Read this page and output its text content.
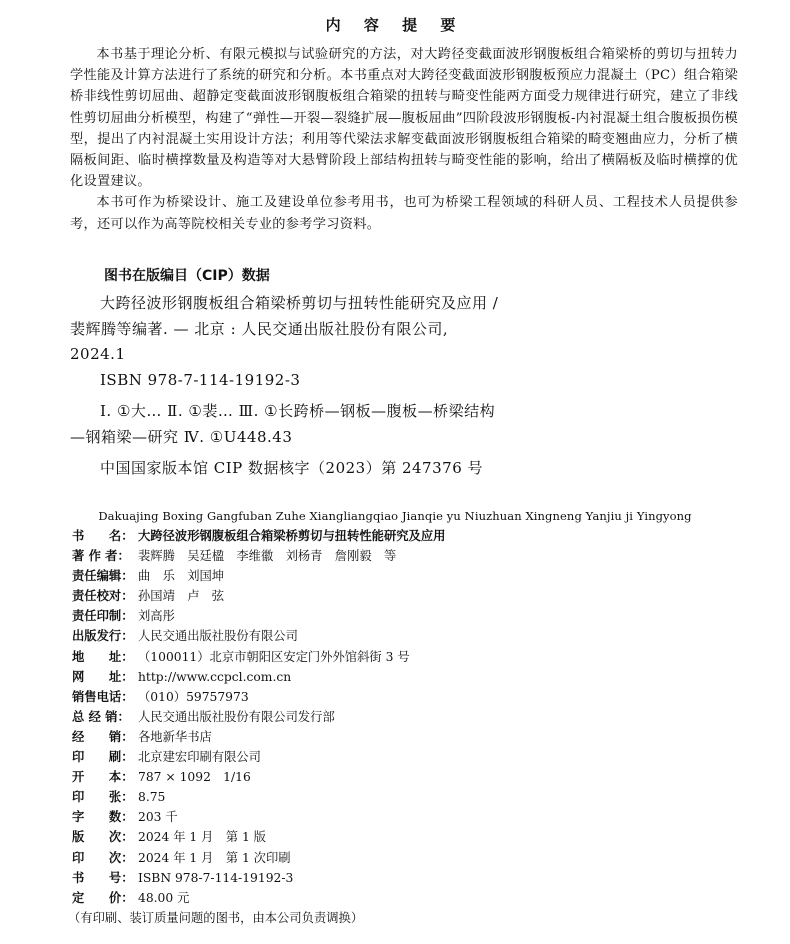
内 容 提 要

本书基于理论分析、有限元模拟与试验研究的方法，对大跨径变截面波形钢腹板组合箱梁桥的剪切与扭转力学性能及计算方法进行了系统的研究和分析。本书重点对大跨径变截面波形钢腹板预应力混凝土（PC）组合箱梁桥非线性剪切屈曲、超静定变截面波形钢腹板组合箱梁的扭转与畸变性能两方面受力规律进行研究，建立了非线性剪切屈曲分析模型，构建了“弹性—开裂—裂缝扩展—腹板屈曲”四阶段波形钢腹板-内衬混凝土组合腹板损伤模型，提出了内衬混凝土实用设计方法；利用等代梁法求解变截面波形钢腹板组合箱梁的畸变翘曲应力，分析了横隔板间距、临时横撑数量及构造等对大悬臂阶段上部结构扭转与畸变性能的影响，给出了横隔板及临时横撑的优化设置建议。

本书可作为桥梁设计、施工及建设单位参考用书，也可为桥梁工程领域的科研人员、工程技术人员提供参考，还可以作为高等院校相关专业的参考学习资料。

图书在版编目（CIP）数据

大跨径波形钢腹板组合箱梁桥剪切与扭转性能研究及应用 / 裴辉腾等编著. — 北京 : 人民交通出版社股份有限公司, 2024.1

ISBN 978-7-114-19192-3

Ⅰ. ①大… Ⅱ. ①裴… Ⅲ. ①长跨桥—钢板—腹板—桥梁结构—钢箱梁—研究 Ⅳ. ①U448.43

中国国家版本馆 CIP 数据核字（2023）第 247376 号

Dakuajing Boxing Gangfuban Zuhe Xiangliangqiao Jianqie yu Niuzhuan Xingneng Yanjiu ji Yingyong
书　　名： 大跨径波形钢腹板组合箱梁桥剪切与扭转性能研究及应用
著 作 者： 裴辉腾　吴廷楹　李维徽　刘杨青　詹刚毅　等
责任编辑： 曲　乐　刘国坤
责任校对： 孙国靖　卢　弦
责任印制： 刘高彤
出版发行： 人民交通出版社股份有限公司
地　　址： （100011）北京市朝阳区安定门外外馆斜街 3 号
网　　址： http://www.ccpcl.com.cn
销售电话： （010）59757973
总 经 销： 人民交通出版社股份有限公司发行部
经　　销： 各地新华书店
印　　刷： 北京建宏印刷有限公司
开　　本： 787 × 1092　1/16
印　　张： 8.75
字　　数： 203 千
版　　次： 2024 年 1 月　第 1 版
印　　次： 2024 年 1 月　第 1 次印刷
书　　号： ISBN 978-7-114-19192-3
定　　价： 48.00 元
（有印刷、装订质量问题的图书，由本公司负责调换）
